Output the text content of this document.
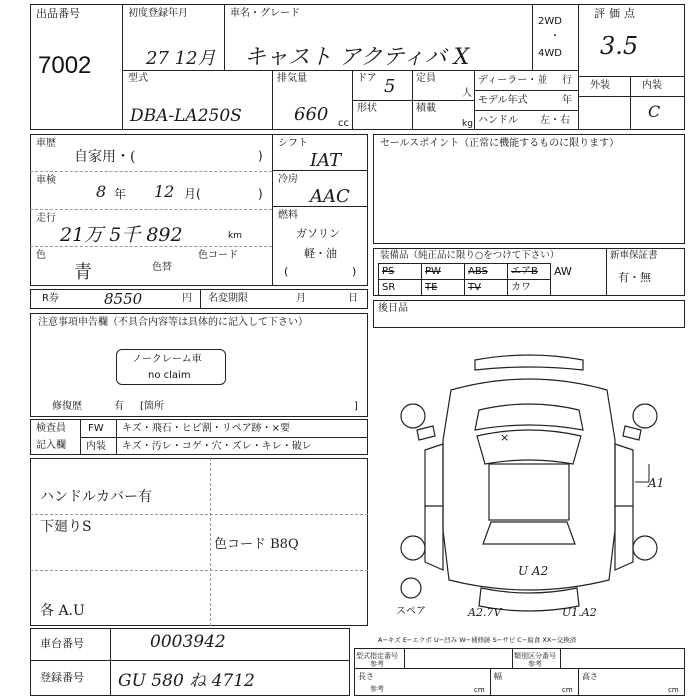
出品番号
7002
初度登録年月
27 12月
車名・グレード
キャスト アクティバ X
2WD
・
4WD
評価点
3.5
型式
DBA-LA250S
排気量
660 cc
ドア 5
形状
定員
人
積載
kg
ディーラー・並 行
モデル年式	年
ハンドル 左・右
外装	内装
C
車歴
自家用・(	)
車検
8 年 12 月(	)
走行
21万 5千 892	km
色
青	色替
色コード
シフト
IAT
冷房
AAC
燃料
ガソリン
(
軽・油
)
セールスポイント（正常に機能するものに限ります）
装備品（純正品に限り○をつけて下さい）	新車保証書
有・無
PS	PW	ABS	エアB	AW
SR	TE	TV	カワ	
R券	8550	円 名変期限	月	日
後日品
注意事項申告欄（不具合内容等は具体的に記入して下さい）
ノークレーム車
no claim
修復歴	有 [箇所	]
検査員
記入欄
FW キズ・飛石・ヒビ割・リペア跡・×要
内装 キズ・汚レ・コゲ・穴・ズレ・キレ・破レ
ハンドルカバー有
下廻りS
色コード B8Q
各 A.U
×
A1
U A2
スペア	A2.7V	U1.A2
A−キズ E−エクボ U−凹み W−補修跡 S−サビ C−腐食 XX−交換済
車台番号	0003942
登録番号 GU 580 ね 4712
型式指定番号
参考
類別区分番号
参考
長さ
参考	cm
幅
cm
高さ
cm
